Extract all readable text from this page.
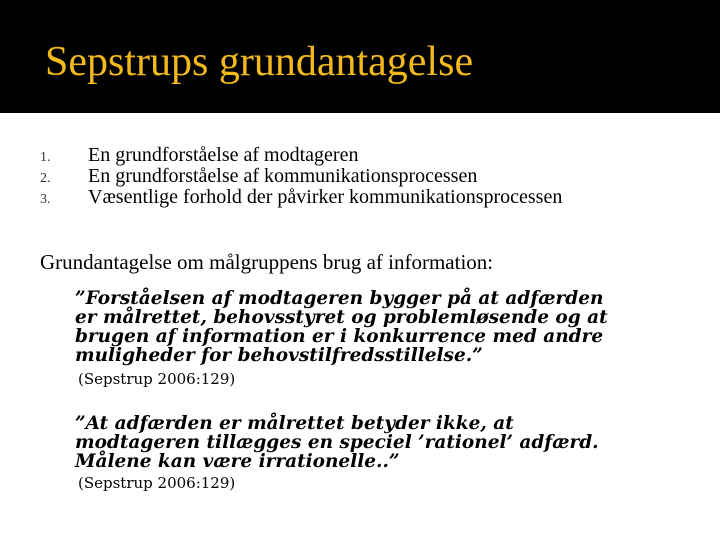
Sepstrups grundantagelse
1.	En grundforståelse af modtageren
2.	En grundforståelse af kommunikationsprocessen
3.	Væsentlige forhold der påvirker kommunikationsprocessen

Grundantagelse om målgruppens brug af information:

”Forståelsen af modtageren bygger på at adfærden
er målrettet, behovsstyret og problemløsende og at
brugen af information er i konkurrence med andre
muligheder for behovstilfredsstillelse.”

(Sepstrup 2006:129)

”At adfærden er målrettet betyder ikke, at
modtageren tillægges en speciel ’rationel’ adfærd.
Målene kan være irrationelle..”

(Sepstrup 2006:129)
